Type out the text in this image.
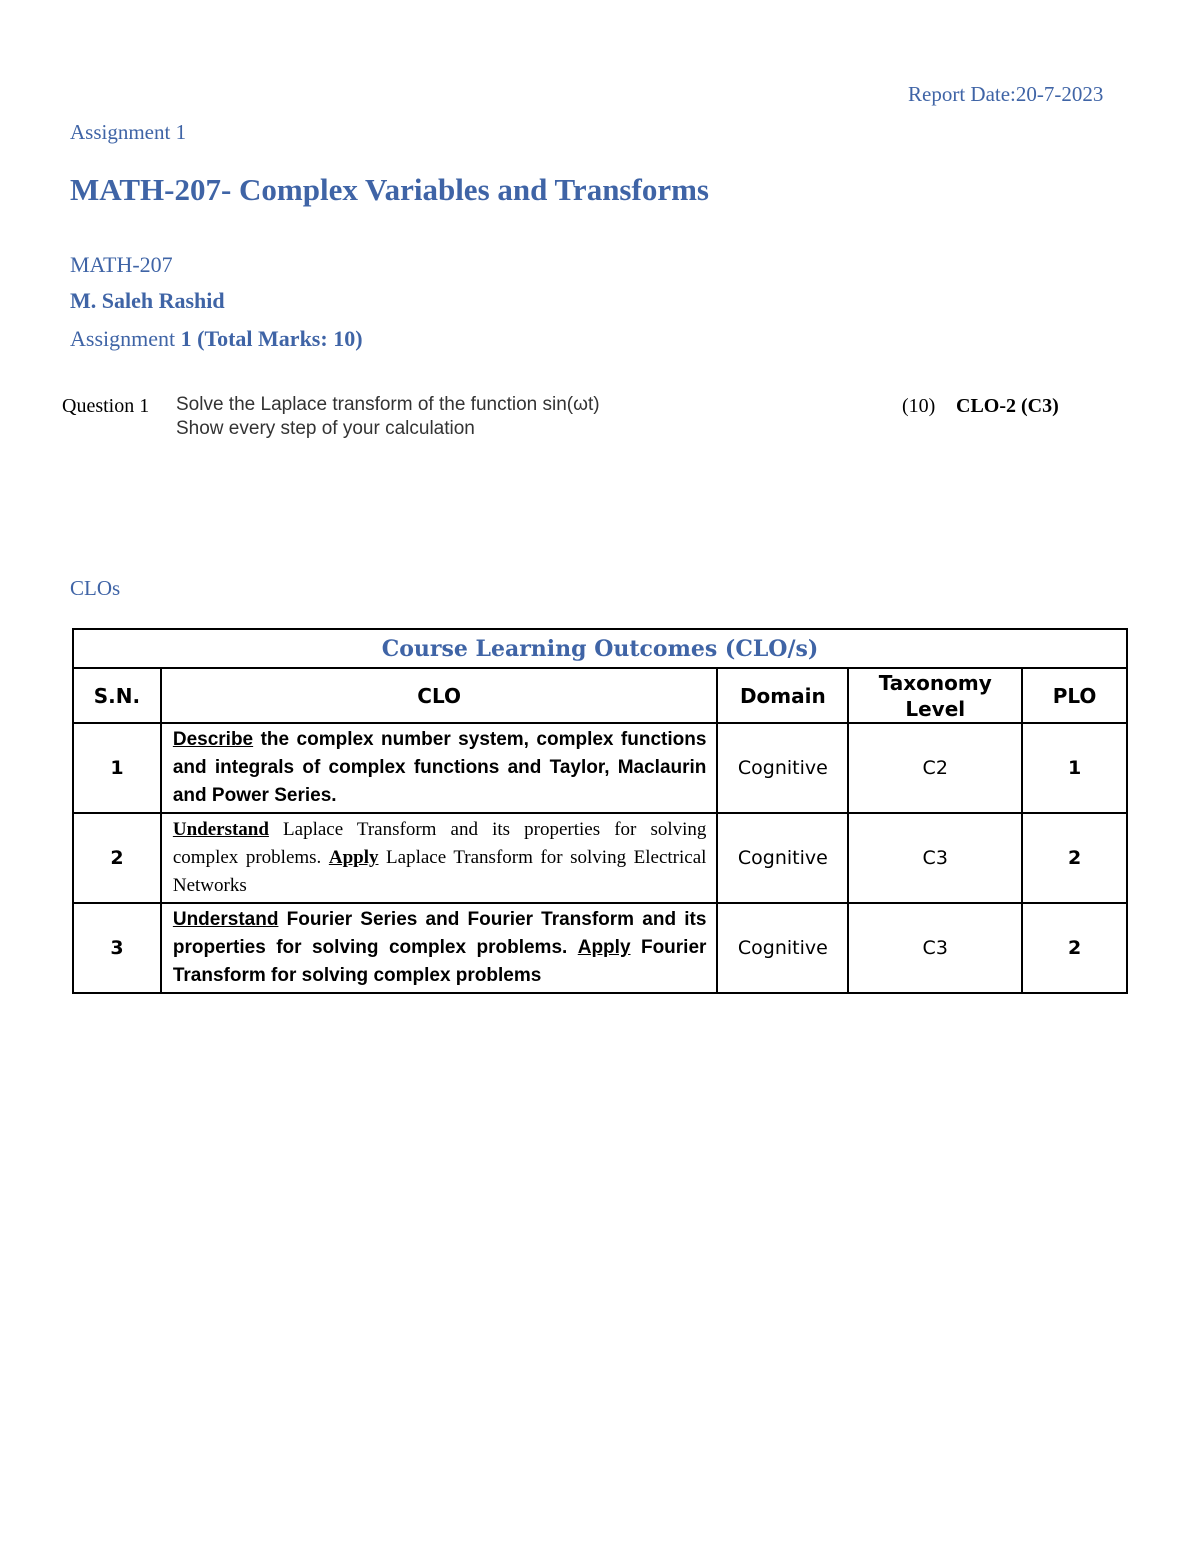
Report Date:20-7-2023
Assignment 1
MATH-207- Complex Variables and Transforms
MATH-207
M. Saleh Rashid
Assignment 1 (Total Marks: 10)
Question 1 Solve the Laplace transform of the function sin(ωt)
Show every step of your calculation
(10) CLO-2 (C3)
CLOs
Course Learning Outcomes (CLO/s)				
S.N.	CLO	Domain	Taxonomy Level	PLO
1	Describe the complex number system, complex functions and integrals of complex functions and Taylor, Maclaurin and Power Series.	Cognitive	C2	1
2	Understand Laplace Transform and its properties for solving complex problems. Apply Laplace Transform for solving Electrical Networks	Cognitive	C3	2
3	Understand Fourier Series and Fourier Transform and its properties for solving complex problems. Apply Fourier Transform for solving complex problems	Cognitive	C3	2
